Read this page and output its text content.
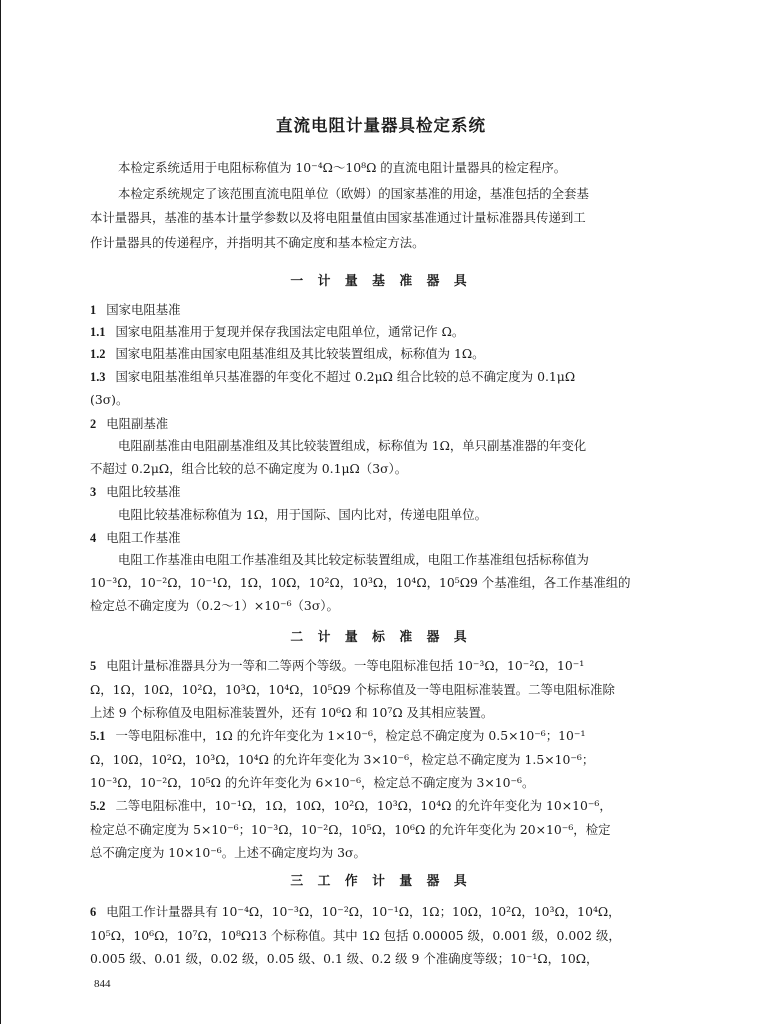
直流电阻计量器具检定系统
本检定系统适用于电阻标称值为 10⁻⁴Ω～10⁸Ω 的直流电阻计量器具的检定程序。
本检定系统规定了该范围直流电阻单位（欧姆）的国家基准的用途，基准包括的全套基
本计量器具，基准的基本计量学参数以及将电阻量值由国家基准通过计量标准器具传递到工
作计量器具的传递程序，并指明其不确定度和基本检定方法。
一 计 量 基 准 器 具
1 国家电阻基准
1.1 国家电阻基准用于复现并保存我国法定电阻单位，通常记作 Ω。
1.2 国家电阻基准由国家电阻基准组及其比较装置组成，标称值为 1Ω。
1.3 国家电阻基准组单只基准器的年变化不超过 0.2μΩ 组合比较的总不确定度为 0.1μΩ
(3σ)。
2 电阻副基准
电阻副基准由电阻副基准组及其比较装置组成，标称值为 1Ω，单只副基准器的年变化
不超过 0.2μΩ，组合比较的总不确定度为 0.1μΩ（3σ）。
3 电阻比较基准
电阻比较基准标称值为 1Ω，用于国际、国内比对，传递电阻单位。
4 电阻工作基准
电阻工作基准由电阻工作基准组及其比较定标装置组成，电阻工作基准组包括标称值为
10⁻³Ω，10⁻²Ω，10⁻¹Ω，1Ω，10Ω，10²Ω，10³Ω，10⁴Ω，10⁵Ω9 个基准组，各工作基准组的
检定总不确定度为（0.2～1）×10⁻⁶（3σ）。
二 计 量 标 准 器 具
5 电阻计量标准器具分为一等和二等两个等级。一等电阻标准包括 10⁻³Ω，10⁻²Ω，10⁻¹
Ω，1Ω，10Ω，10²Ω，10³Ω，10⁴Ω，10⁵Ω9 个标称值及一等电阻标准装置。二等电阻标准除
上述 9 个标称值及电阻标准装置外，还有 10⁶Ω 和 10⁷Ω 及其相应装置。
5.1 一等电阻标准中，1Ω 的允许年变化为 1×10⁻⁶，检定总不确定度为 0.5×10⁻⁶；10⁻¹
Ω，10Ω，10²Ω，10³Ω，10⁴Ω 的允许年变化为 3×10⁻⁶，检定总不确定度为 1.5×10⁻⁶；
10⁻³Ω，10⁻²Ω，10⁵Ω 的允许年变化为 6×10⁻⁶，检定总不确定度为 3×10⁻⁶。
5.2 二等电阻标准中，10⁻¹Ω，1Ω，10Ω，10²Ω，10³Ω，10⁴Ω 的允许年变化为 10×10⁻⁶，
检定总不确定度为 5×10⁻⁶；10⁻³Ω，10⁻²Ω，10⁵Ω，10⁶Ω 的允许年变化为 20×10⁻⁶，检定
总不确定度为 10×10⁻⁶。上述不确定度均为 3σ。
三 工 作 计 量 器 具
6 电阻工作计量器具有 10⁻⁴Ω，10⁻³Ω，10⁻²Ω，10⁻¹Ω，1Ω；10Ω，10²Ω，10³Ω，10⁴Ω，
10⁵Ω，10⁶Ω，10⁷Ω，10⁸Ω13 个标称值。其中 1Ω 包括 0.00005 级，0.001 级，0.002 级，
0.005 级、0.01 级，0.02 级，0.05 级、0.1 级、0.2 级 9 个准确度等级；10⁻¹Ω，10Ω，
844
